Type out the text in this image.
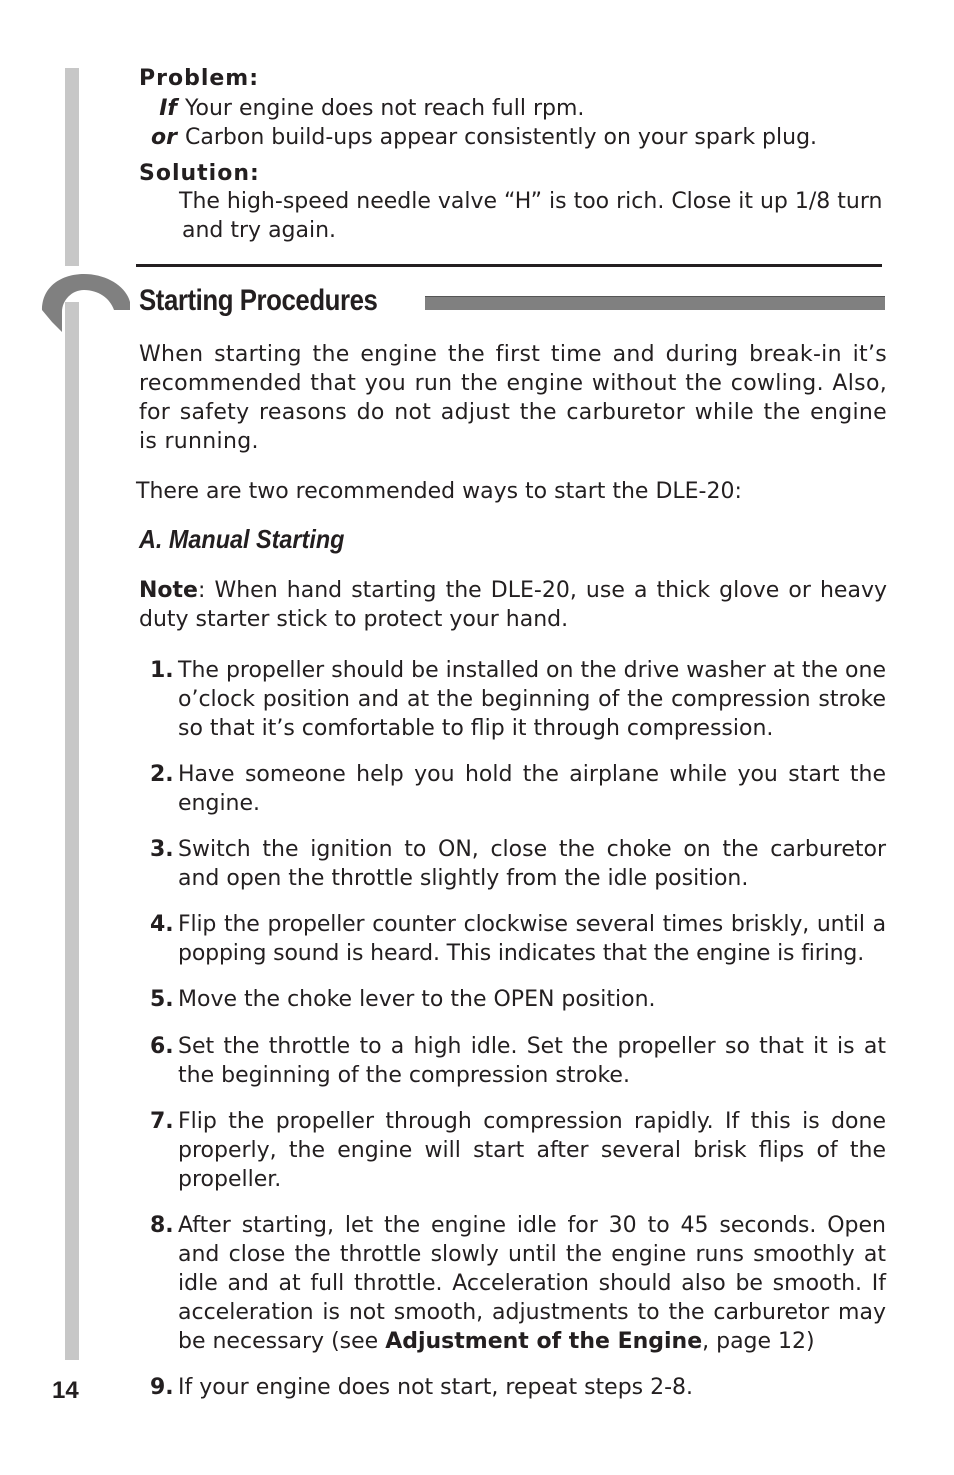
Problem:
If Your engine does not reach full rpm.
or Carbon build-ups appear consistently on your spark plug.
Solution:
The high-speed needle valve “H” is too rich. Close it up 1/8 turn
and try again.
Starting Procedures
When starting the engine the first time and during break-in it’s recommended that you run the engine without the cowling. Also, for safety reasons do not adjust the carburetor while the engine is running.
There are two recommended ways to start the DLE-20:
A. Manual Starting
Note: When hand starting the DLE-20, use a thick glove or heavy duty starter stick to protect your hand.
1. The propeller should be installed on the drive washer at the one o’clock position and at the beginning of the compression stroke so that it’s comfortable to flip it through compression.
2. Have someone help you hold the airplane while you start the engine.
3. Switch the ignition to ON, close the choke on the carburetor and open the throttle slightly from the idle position.
4. Flip the propeller counter clockwise several times briskly, until a popping sound is heard. This indicates that the engine is firing.
5. Move the choke lever to the OPEN position.
6. Set the throttle to a high idle. Set the propeller so that it is at the beginning of the compression stroke.
7. Flip the propeller through compression rapidly. If this is done properly, the engine will start after several brisk flips of the propeller.
8. After starting, let the engine idle for 30 to 45 seconds. Open and close the throttle slowly until the engine runs smoothly at idle and at full throttle. Acceleration should also be smooth. If acceleration is not smooth, adjustments to the carburetor may be necessary (see Adjustment of the Engine, page 12)
9. If your engine does not start, repeat steps 2-8.
14
